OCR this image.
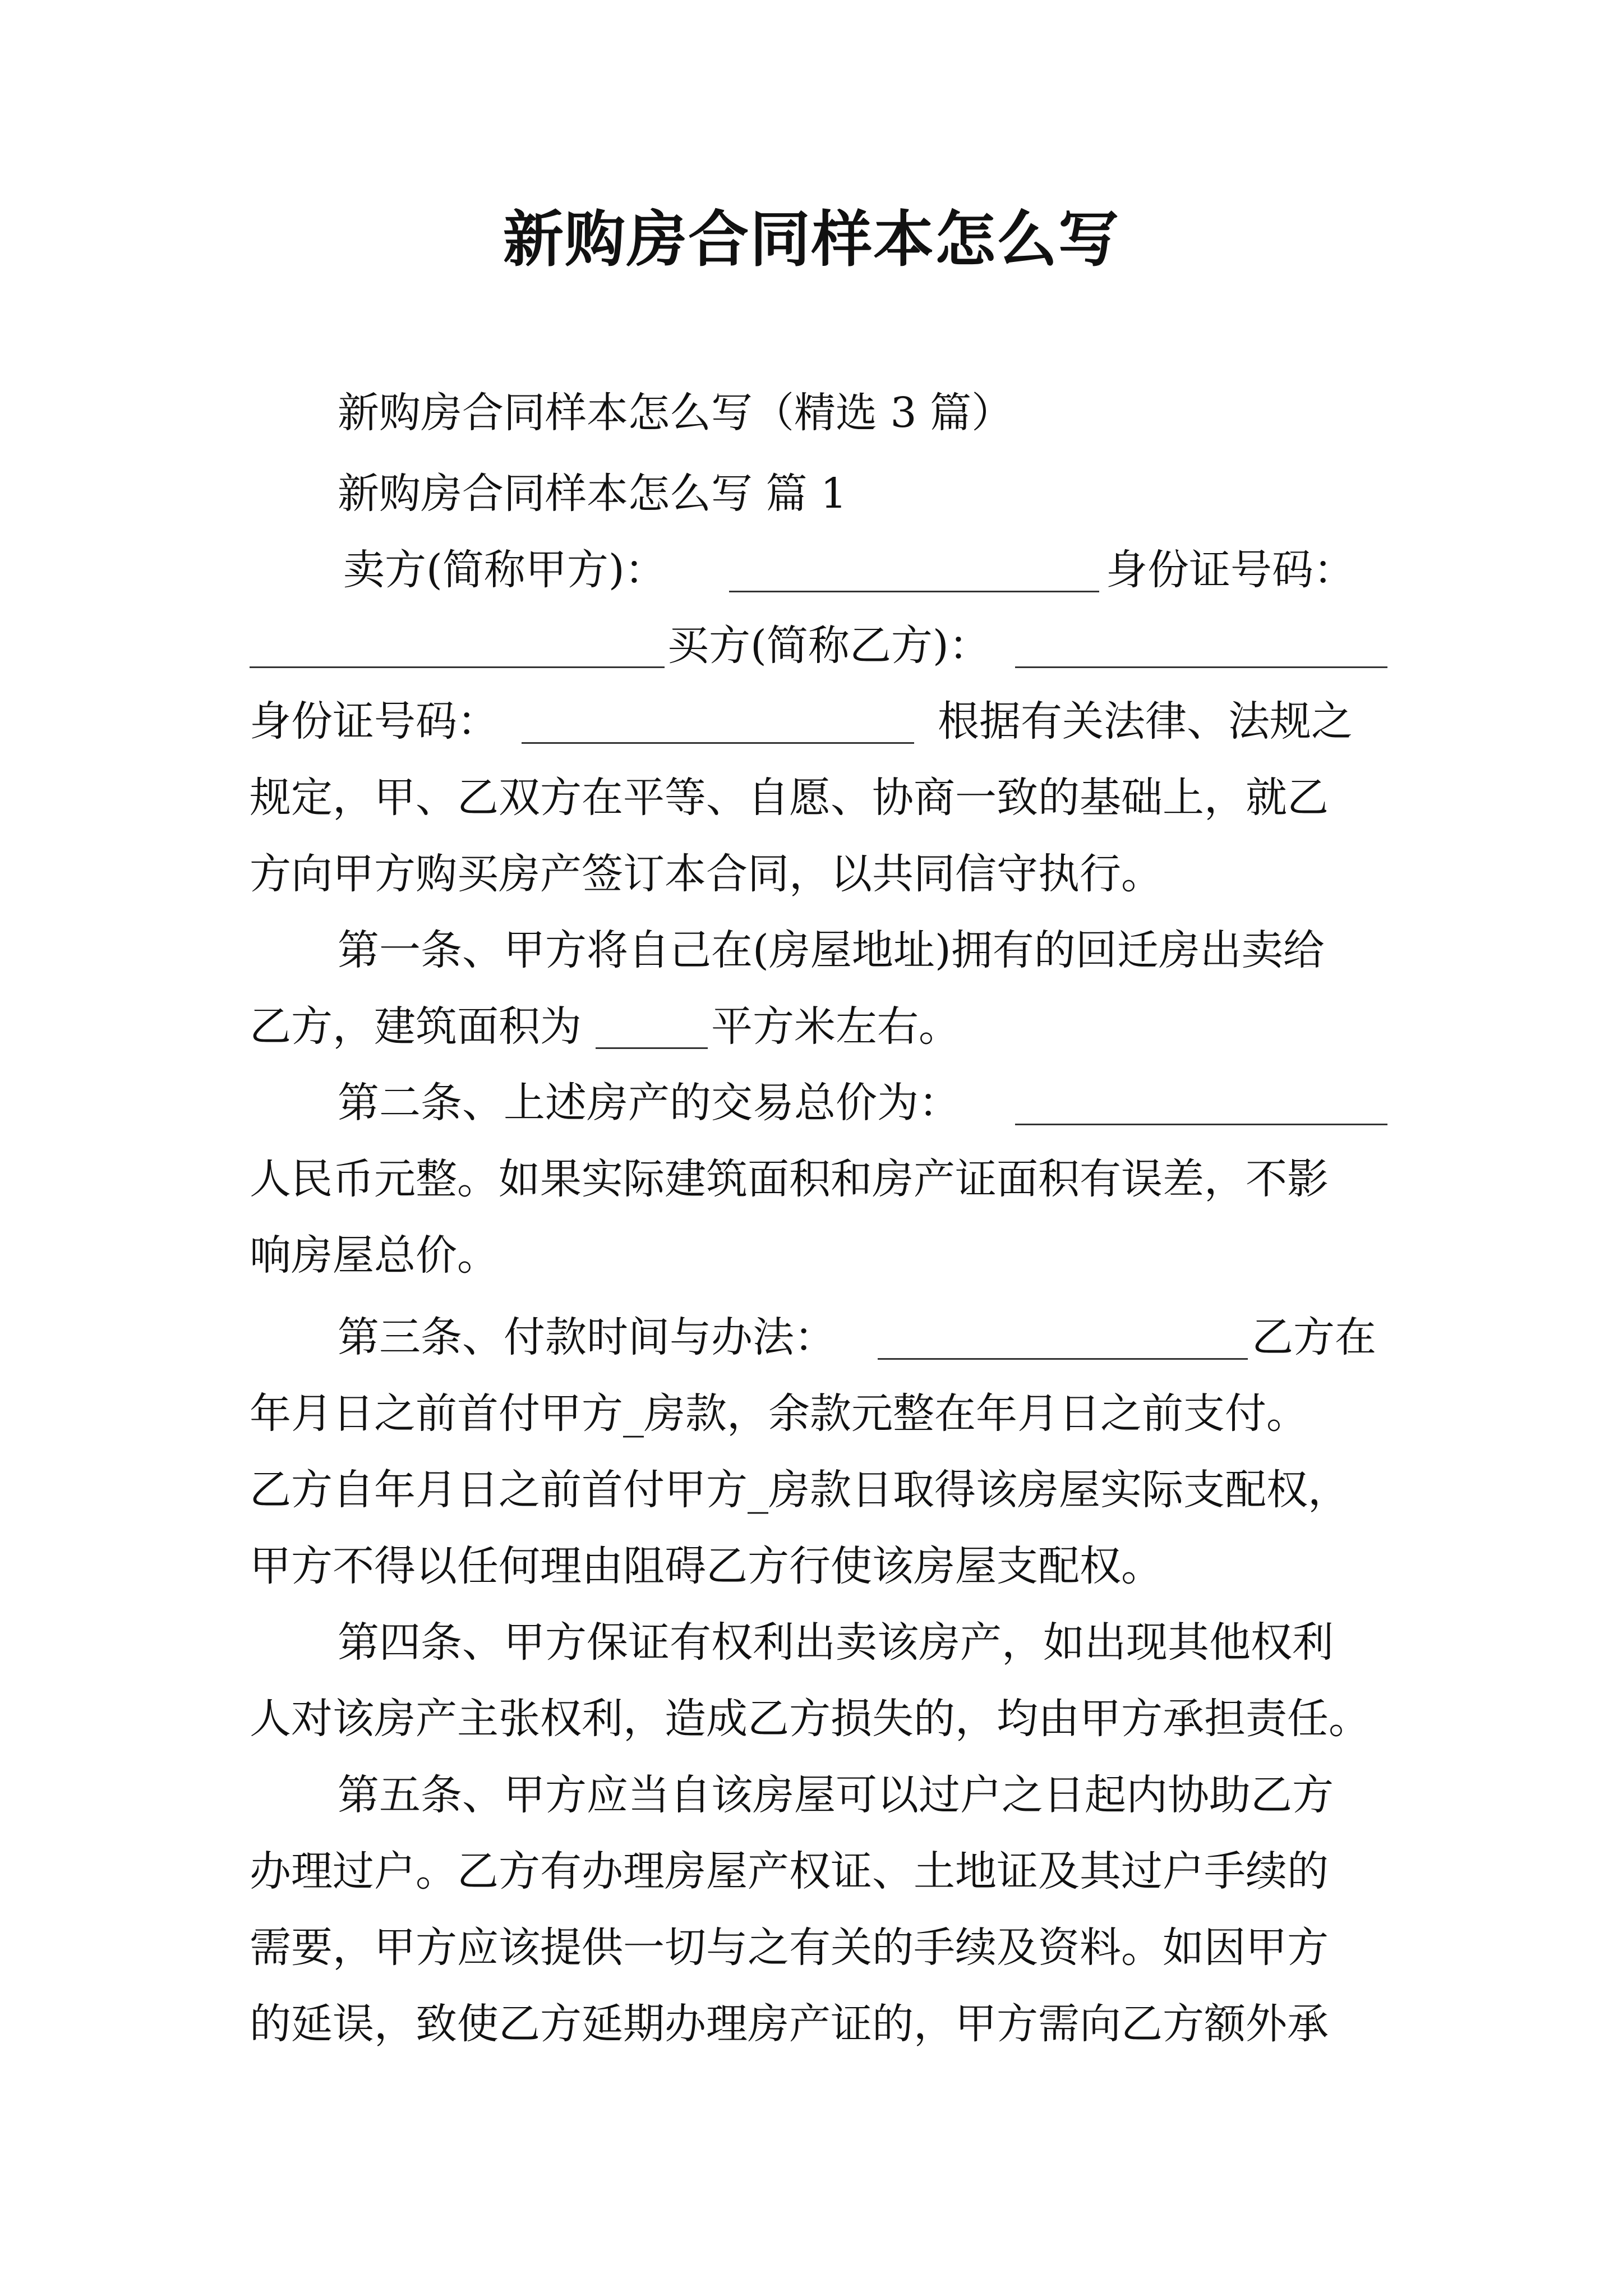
新购房合同样本怎么写
新购房合同样本怎么写（精选 3 篇）
新购房合同样本怎么写 篇 1
卖方(简称甲方)：	身份证号码：
买方(简称乙方)：
身份证号码：	根据有关法律、法规之
规定，甲、乙双方在平等、自愿、协商一致的基础上，就乙
方向甲方购买房产签订本合同，以共同信守执行。
第一条、甲方将自己在(房屋地址)拥有的回迁房出卖给
乙方，建筑面积为	平方米左右。
第二条、上述房产的交易总价为：
人民币元整。如果实际建筑面积和房产证面积有误差，不影
响房屋总价。
第三条、付款时间与办法：	乙方在
年月日之前首付甲方_房款，余款元整在年月日之前支付。
乙方自年月日之前首付甲方_房款日取得该房屋实际支配权，
甲方不得以任何理由阻碍乙方行使该房屋支配权。
第四条、甲方保证有权利出卖该房产，如出现其他权利
人对该房产主张权利，造成乙方损失的，均由甲方承担责任。
第五条、甲方应当自该房屋可以过户之日起内协助乙方
办理过户。乙方有办理房屋产权证、土地证及其过户手续的
需要，甲方应该提供一切与之有关的手续及资料。如因甲方
的延误，致使乙方延期办理房产证的，甲方需向乙方额外承
